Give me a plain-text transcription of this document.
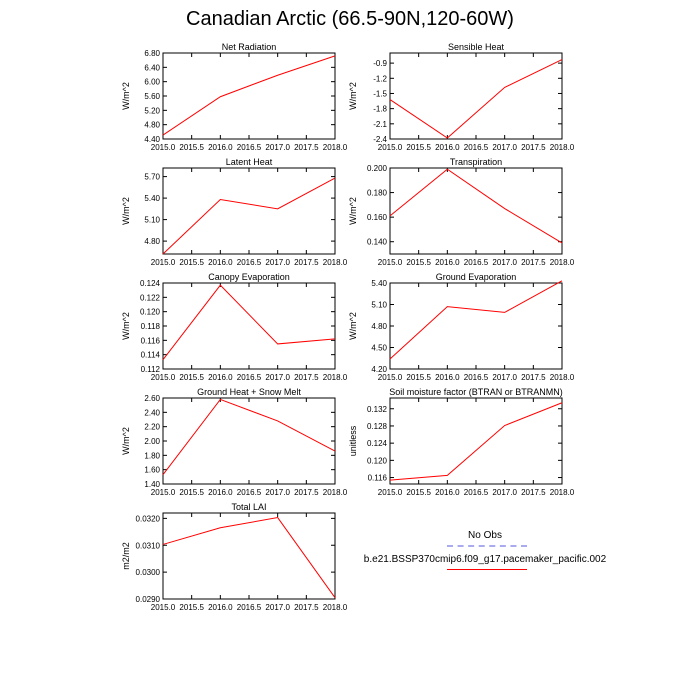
Canadian Arctic (66.5-90N,120-60W)
Net Radiation
W/m^2
2015.0 2015.5 2016.0 2016.5 2017.0 2017.5 2018.0
4.40
4.80
5.20
5.60
6.00
6.40
6.80
Sensible Heat
W/m^2
2015.0 2015.5 2016.0 2016.5 2017.0 2017.5 2018.0
-2.4
-2.1
-1.8
-1.5
-1.2
-0.9
Latent Heat
W/m^2
2015.0 2015.5 2016.0 2016.5 2017.0 2017.5 2018.0
4.80
5.10
5.40
5.70
Transpiration
W/m^2
2015.0 2015.5 2016.0 2016.5 2017.0 2017.5 2018.0
0.140
0.160
0.180
0.200
Canopy Evaporation
W/m^2
2015.0 2015.5 2016.0 2016.5 2017.0 2017.5 2018.0
0.112
0.114
0.116
0.118
0.120
0.122
0.124
Ground Evaporation
W/m^2
2015.0 2015.5 2016.0 2016.5 2017.0 2017.5 2018.0
4.20
4.50
4.80
5.10
5.40
Ground Heat + Snow Melt
W/m^2
2015.0 2015.5 2016.0 2016.5 2017.0 2017.5 2018.0
1.40
1.60
1.80
2.00
2.20
2.40
2.60
Soil moisture factor (BTRAN or BTRANMN)
unitless
2015.0 2015.5 2016.0 2016.5 2017.0 2017.5 2018.0
0.116
0.120
0.124
0.128
0.132
Total LAI
m2/m2
2015.0 2015.5 2016.0 2016.5 2017.0 2017.5 2018.0
0.0290
0.0300
0.0310
0.0320
No Obs
b.e21.BSSP370cmip6.f09_g17.pacemaker_pacific.002
